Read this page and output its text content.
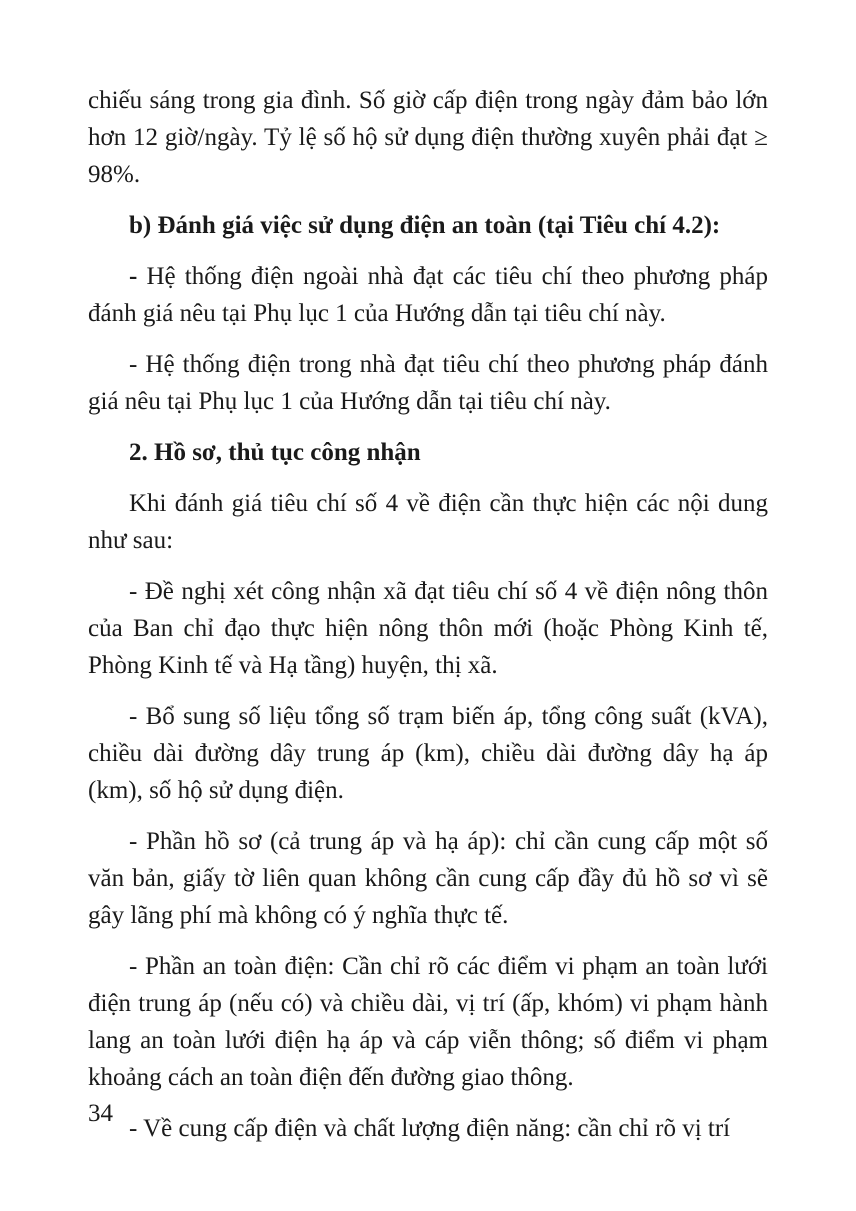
chiếu sáng trong gia đình. Số giờ cấp điện trong ngày đảm bảo lớn hơn 12 giờ/ngày. Tỷ lệ số hộ sử dụng điện thường xuyên phải đạt ≥ 98%.

b) Đánh giá việc sử dụng điện an toàn (tại Tiêu chí 4.2):

- Hệ thống điện ngoài nhà đạt các tiêu chí theo phương pháp đánh giá nêu tại Phụ lục 1 của Hướng dẫn tại tiêu chí này.

- Hệ thống điện trong nhà đạt tiêu chí theo phương pháp đánh giá nêu tại Phụ lục 1 của Hướng dẫn tại tiêu chí này.

2. Hồ sơ, thủ tục công nhận

Khi đánh giá tiêu chí số 4 về điện cần thực hiện các nội dung như sau:

- Đề nghị xét công nhận xã đạt tiêu chí số 4 về điện nông thôn của Ban chỉ đạo thực hiện nông thôn mới (hoặc Phòng Kinh tế, Phòng Kinh tế và Hạ tầng) huyện, thị xã.

- Bổ sung số liệu tổng số trạm biến áp, tổng công suất (kVA), chiều dài đường dây trung áp (km), chiều dài đường dây hạ áp (km), số hộ sử dụng điện.

- Phần hồ sơ (cả trung áp và hạ áp): chỉ cần cung cấp một số văn bản, giấy tờ liên quan không cần cung cấp đầy đủ hồ sơ vì sẽ gây lãng phí mà không có ý nghĩa thực tế.

- Phần an toàn điện: Cần chỉ rõ các điểm vi phạm an toàn lưới điện trung áp (nếu có) và chiều dài, vị trí (ấp, khóm) vi phạm hành lang an toàn lưới điện hạ áp và cáp viễn thông; số điểm vi phạm khoảng cách an toàn điện đến đường giao thông.

- Về cung cấp điện và chất lượng điện năng: cần chỉ rõ vị trí

34
